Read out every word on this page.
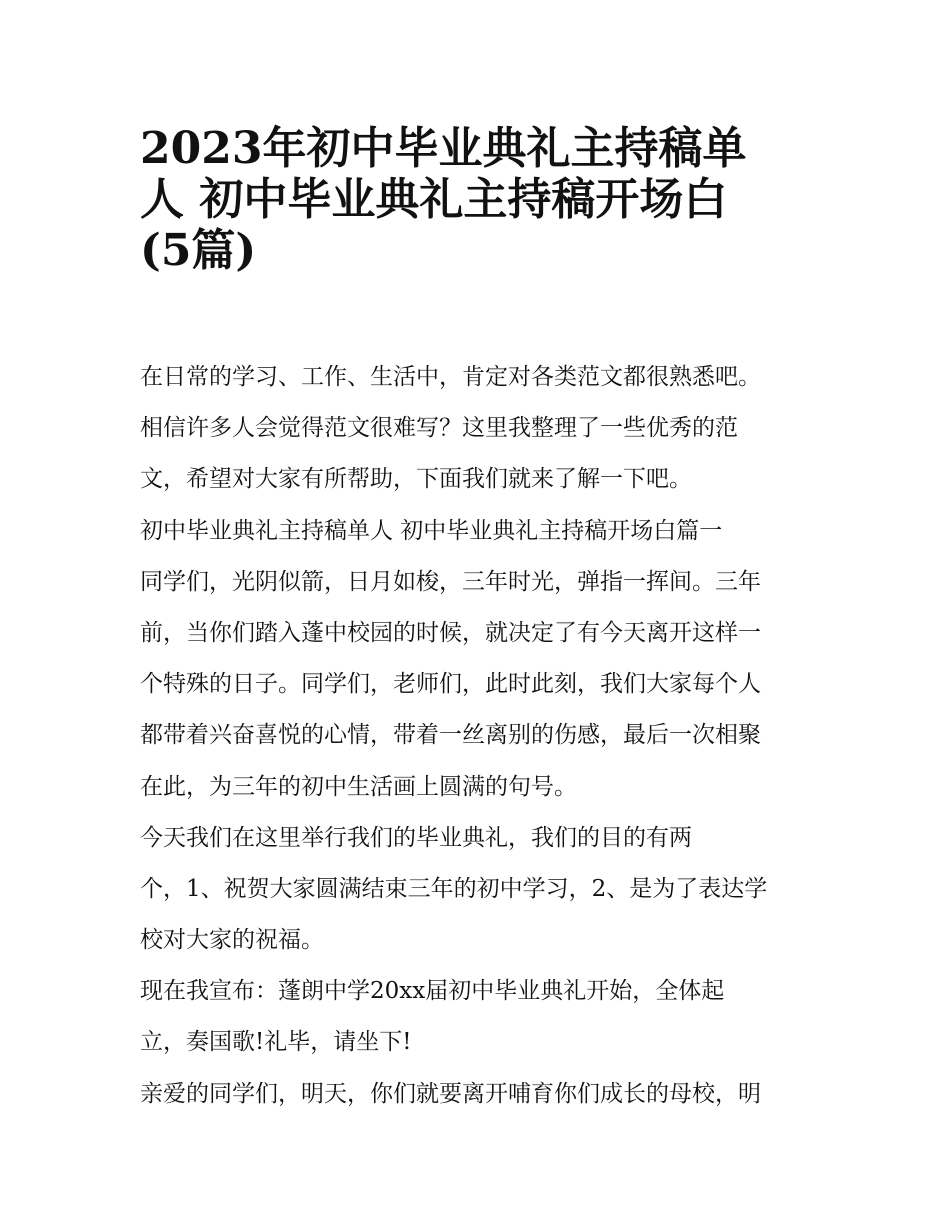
2023年初中毕业典礼主持稿单
人 初中毕业典礼主持稿开场白
(5篇)

在日常的学习、工作、生活中，肯定对各类范文都很熟悉吧。
相信许多人会觉得范文很难写？这里我整理了一些优秀的范
文，希望对大家有所帮助，下面我们就来了解一下吧。

初中毕业典礼主持稿单人 初中毕业典礼主持稿开场白篇一

同学们，光阴似箭，日月如梭，三年时光，弹指一挥间。三年
前，当你们踏入蓬中校园的时候，就决定了有今天离开这样一
个特殊的日子。同学们，老师们，此时此刻，我们大家每个人
都带着兴奋喜悦的心情，带着一丝离别的伤感，最后一次相聚
在此，为三年的初中生活画上圆满的句号。

今天我们在这里举行我们的毕业典礼，我们的目的有两
个，1、祝贺大家圆满结束三年的初中学习，2、是为了表达学
校对大家的祝福。

现在我宣布：蓬朗中学20xx届初中毕业典礼开始，全体起
立，奏国歌!礼毕，请坐下!

亲爱的同学们，明天，你们就要离开哺育你们成长的母校，明
